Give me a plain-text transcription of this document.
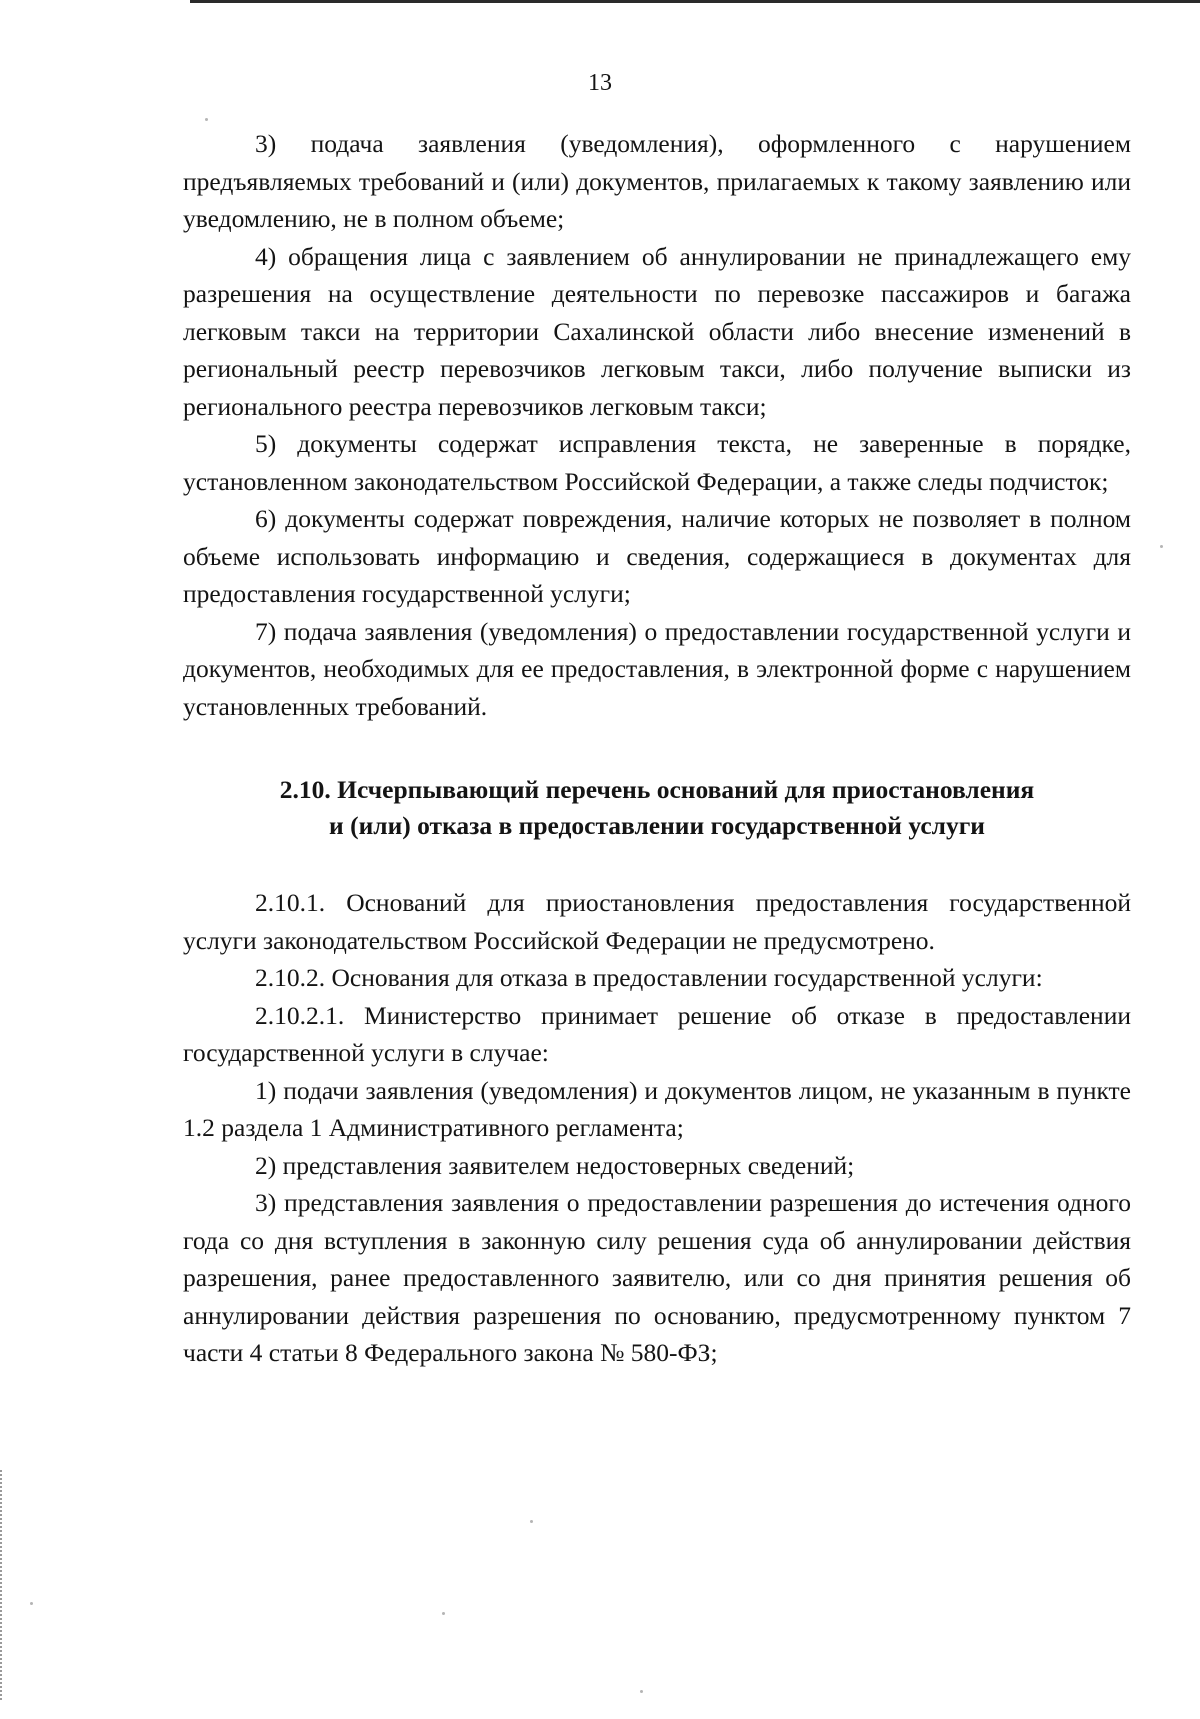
13

3) подача заявления (уведомления), оформленного с нарушением предъявляемых требований и (или) документов, прилагаемых к такому заявлению или уведомлению, не в полном объеме;

4) обращения лица с заявлением об аннулировании не принадлежащего ему разрешения на осуществление деятельности по перевозке пассажиров и багажа легковым такси на территории Сахалинской области либо внесение изменений в региональный реестр перевозчиков легковым такси, либо получение выписки из регионального реестра перевозчиков легковым такси;

5) документы содержат исправления текста, не заверенные в порядке, установленном законодательством Российской Федерации, а также следы подчисток;

6) документы содержат повреждения, наличие которых не позволяет в полном объеме использовать информацию и сведения, содержащиеся в документах для предоставления государственной услуги;

7) подача заявления (уведомления) о предоставлении государственной услуги и документов, необходимых для ее предоставления, в электронной форме с нарушением установленных требований.

2.10. Исчерпывающий перечень оснований для приостановления
и (или) отказа в предоставлении государственной услуги

2.10.1. Оснований для приостановления предоставления государственной услуги законодательством Российской Федерации не предусмотрено.

2.10.2. Основания для отказа в предоставлении государственной услуги:

2.10.2.1. Министерство принимает решение об отказе в предоставлении государственной услуги в случае:

1) подачи заявления (уведомления) и документов лицом, не указанным в пункте 1.2 раздела 1 Административного регламента;

2) представления заявителем недостоверных сведений;

3) представления заявления о предоставлении разрешения до истечения одного года со дня вступления в законную силу решения суда об аннулировании действия разрешения, ранее предоставленного заявителю, или со дня принятия решения об аннулировании действия разрешения по основанию, предусмотренному пунктом 7 части 4 статьи 8 Федерального закона № 580-ФЗ;
